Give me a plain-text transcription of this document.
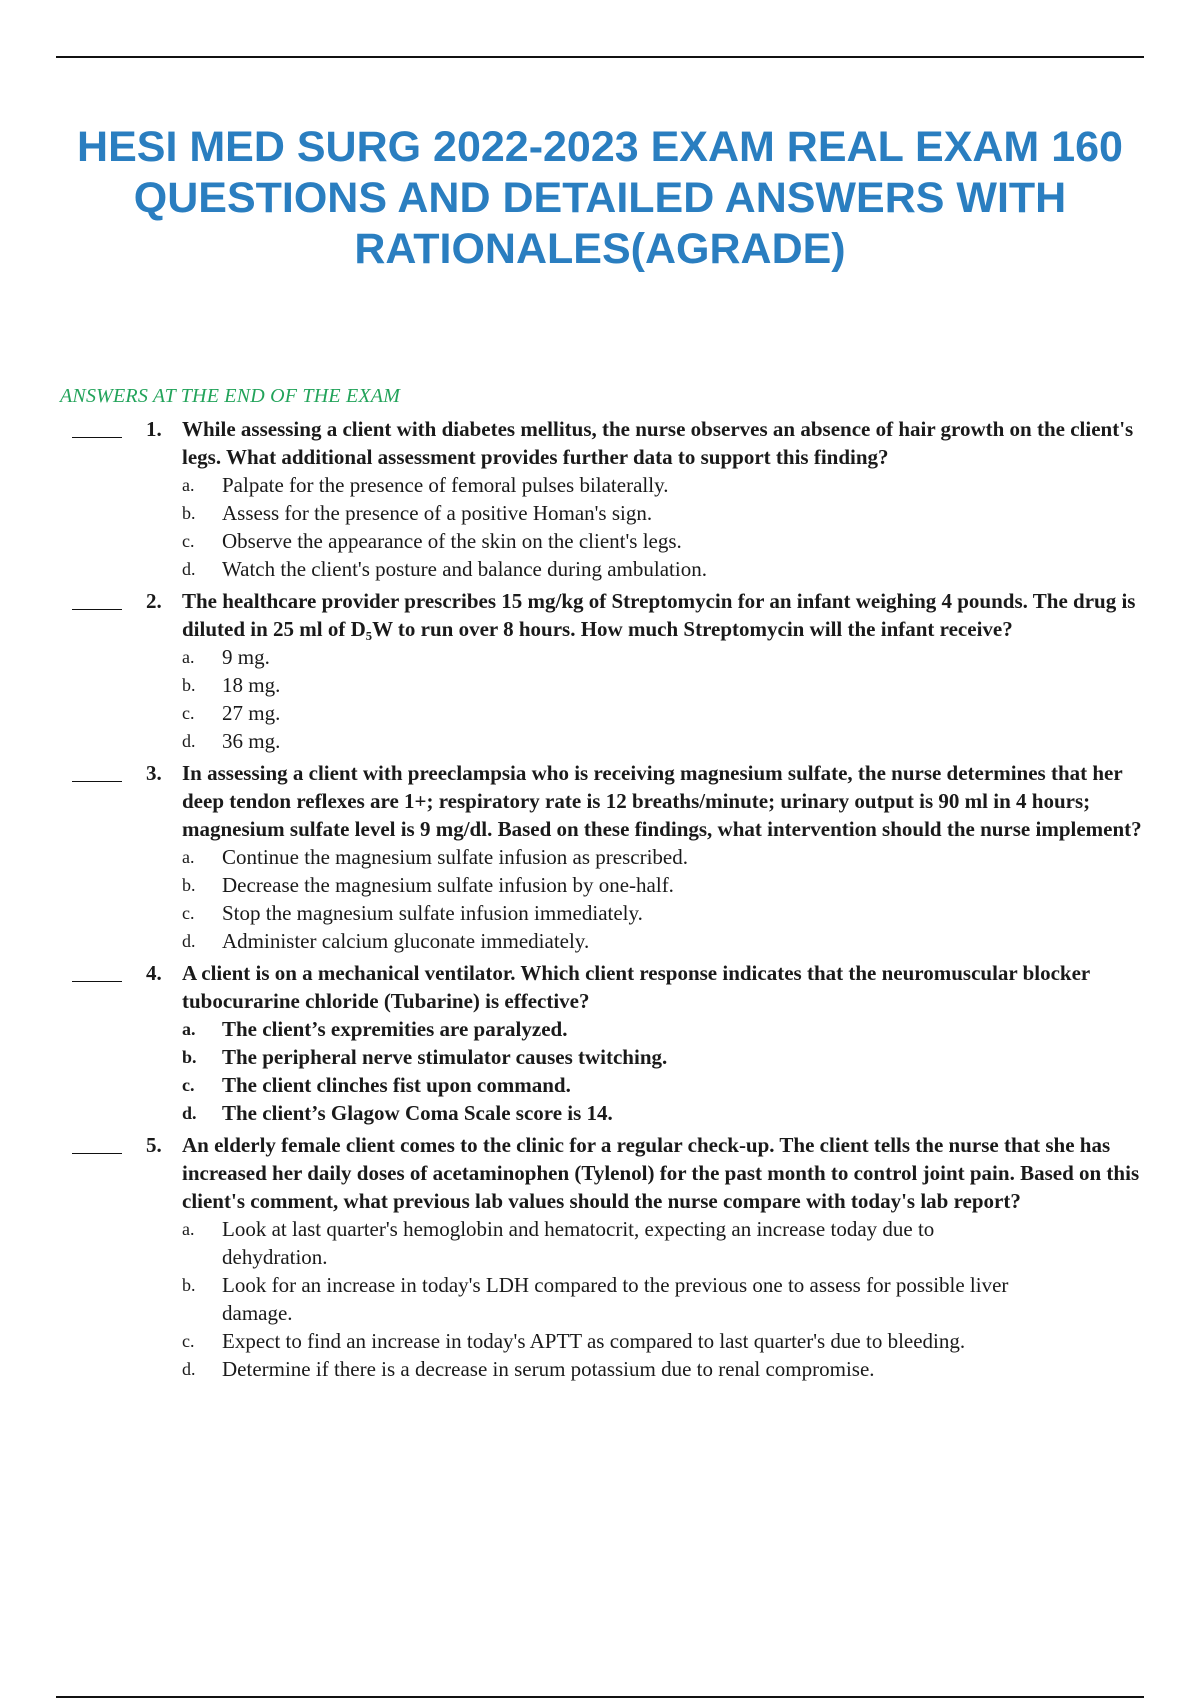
HESI MED SURG 2022-2023 EXAM REAL EXAM 160
QUESTIONS AND DETAILED ANSWERS WITH
RATIONALES(AGRADE)
ANSWERS AT THE END OF THE EXAM
1. While assessing a client with diabetes mellitus, the nurse observes an absence of hair growth on the client's legs. What additional assessment provides further data to support this finding?
a.	Palpate for the presence of femoral pulses bilaterally.
b.	Assess for the presence of a positive Homan's sign.
c.	Observe the appearance of the skin on the client's legs.
d.	Watch the client's posture and balance during ambulation.
2. The healthcare provider prescribes 15 mg/kg of Streptomycin for an infant weighing 4 pounds. The drug is diluted in 25 ml of D₅W to run over 8 hours. How much Streptomycin will the infant receive?
a.	9 mg.
b.	18 mg.
c.	27 mg.
d.	36 mg.
3. In assessing a client with preeclampsia who is receiving magnesium sulfate, the nurse determines that her deep tendon reflexes are 1+; respiratory rate is 12 breaths/minute; urinary output is 90 ml in 4 hours; magnesium sulfate level is 9 mg/dl. Based on these findings, what intervention should the nurse implement?
a.	Continue the magnesium sulfate infusion as prescribed.
b.	Decrease the magnesium sulfate infusion by one-half.
c.	Stop the magnesium sulfate infusion immediately.
d.	Administer calcium gluconate immediately.
4. A client is on a mechanical ventilator. Which client response indicates that the neuromuscular blocker tubocurarine chloride (Tubarine) is effective?
a.	The client’s expremities are paralyzed.
b.	The peripheral nerve stimulator causes twitching.
c.	The client clinches fist upon command.
d.	The client’s Glagow Coma Scale score is 14.
5. An elderly female client comes to the clinic for a regular check-up. The client tells the nurse that she has increased her daily doses of acetaminophen (Tylenol) for the past month to control joint pain. Based on this client's comment, what previous lab values should the nurse compare with today's lab report?
a.	Look at last quarter's hemoglobin and hematocrit, expecting an increase today due to dehydration.
b.	Look for an increase in today's LDH compared to the previous one to assess for possible liver damage.
c.	Expect to find an increase in today's APTT as compared to last quarter's due to bleeding.
d.	Determine if there is a decrease in serum potassium due to renal compromise.
